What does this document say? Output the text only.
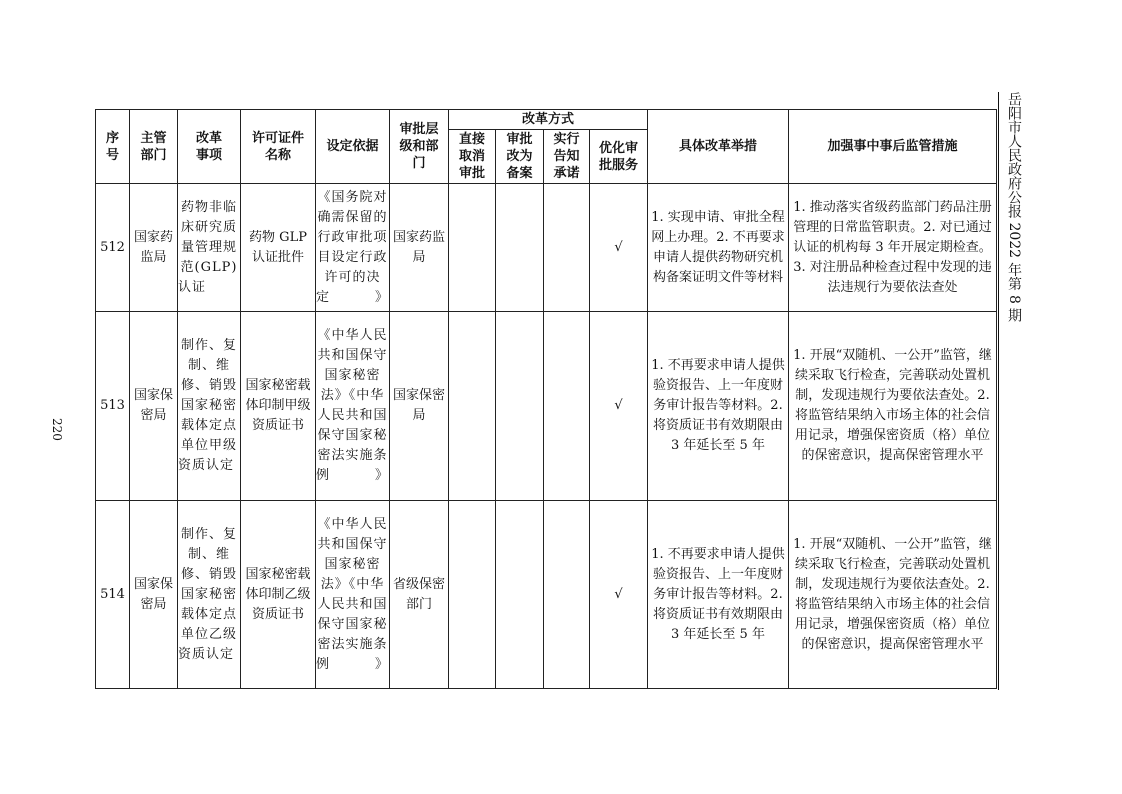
220
岳阳市人民政府公报 2022 年第 8 期
序号	主管部门	改革事项	许可证件名称	设定依据	审批层级和部门	改革方式				具体改革举措	加强事中事后监管措施
						直接取消审批	审批改为备案	实行告知承诺	优化审批服务		
512	国家药监局	药物非临床研究质量管理规范(GLP)认证	药物 GLP 认证批件	《国务院对确需保留的行政审批项目设定行政许可的决定》	国家药监局				√	1. 实现申请、审批全程网上办理。2. 不再要求申请人提供药物研究机构备案证明文件等材料	1. 推动落实省级药监部门药品注册管理的日常监管职责。2. 对已通过认证的机构每 3 年开展定期检查。3. 对注册品种检查过程中发现的违法违规行为要依法查处
513	国家保密局	制作、复制、维修、销毁国家秘密载体定点单位甲级资质认定	国家秘密载体印制甲级资质证书	《中华人民共和国保守国家秘密法》《中华人民共和国保守国家秘密法实施条例》	国家保密局				√	1. 不再要求申请人提供验资报告、上一年度财务审计报告等材料。2. 将资质证书有效期限由 3 年延长至 5 年	1. 开展“双随机、一公开”监管，继续采取飞行检查，完善联动处置机制，发现违规行为要依法查处。2. 将监管结果纳入市场主体的社会信用记录，增强保密资质（格）单位的保密意识，提高保密管理水平
514	国家保密局	制作、复制、维修、销毁国家秘密载体定点单位乙级资质认定	国家秘密载体印制乙级资质证书	《中华人民共和国保守国家秘密法》《中华人民共和国保守国家秘密法实施条例》	省级保密部门				√	1. 不再要求申请人提供验资报告、上一年度财务审计报告等材料。2. 将资质证书有效期限由 3 年延长至 5 年	1. 开展“双随机、一公开”监管，继续采取飞行检查，完善联动处置机制，发现违规行为要依法查处。2. 将监管结果纳入市场主体的社会信用记录，增强保密资质（格）单位的保密意识，提高保密管理水平
